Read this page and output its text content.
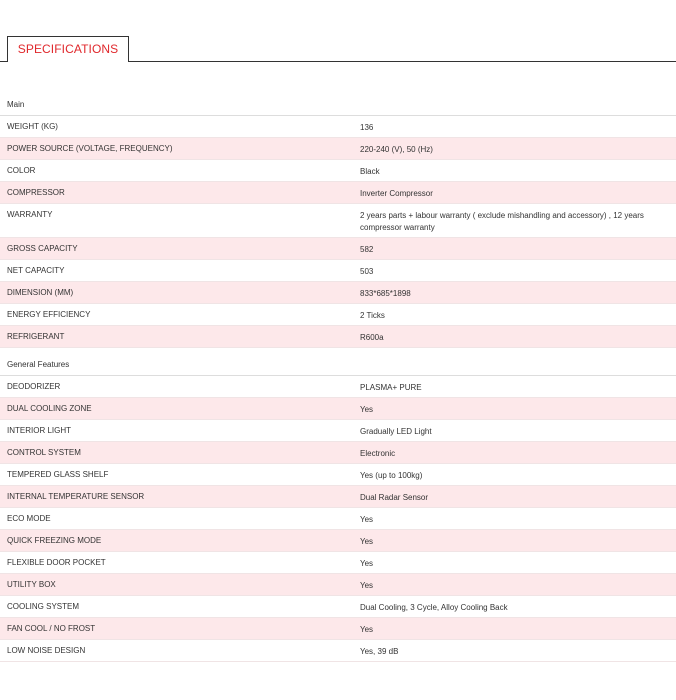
SPECIFICATIONS
Main
WEIGHT (KG)	136
POWER SOURCE (VOLTAGE, FREQUENCY)	220-240 (V), 50 (Hz)
COLOR	Black
COMPRESSOR	Inverter Compressor
WARRANTY	2 years parts + labour warranty ( exclude mishandling and accessory) , 12 years compressor warranty
GROSS CAPACITY	582
NET CAPACITY	503
DIMENSION (MM)	833*685*1898
ENERGY EFFICIENCY	2 Ticks
REFRIGERANT	R600a
General Features
DEODORIZER	PLASMA+ PURE
DUAL COOLING ZONE	Yes
INTERIOR LIGHT	Gradually LED Light
CONTROL SYSTEM	Electronic
TEMPERED GLASS SHELF	Yes (up to 100kg)
INTERNAL TEMPERATURE SENSOR	Dual Radar Sensor
ECO MODE	Yes
QUICK FREEZING MODE	Yes
FLEXIBLE DOOR POCKET	Yes
UTILITY BOX	Yes
COOLING SYSTEM	Dual Cooling, 3 Cycle, Alloy Cooling Back
FAN COOL / NO FROST	Yes
LOW NOISE DESIGN	Yes, 39 dB
